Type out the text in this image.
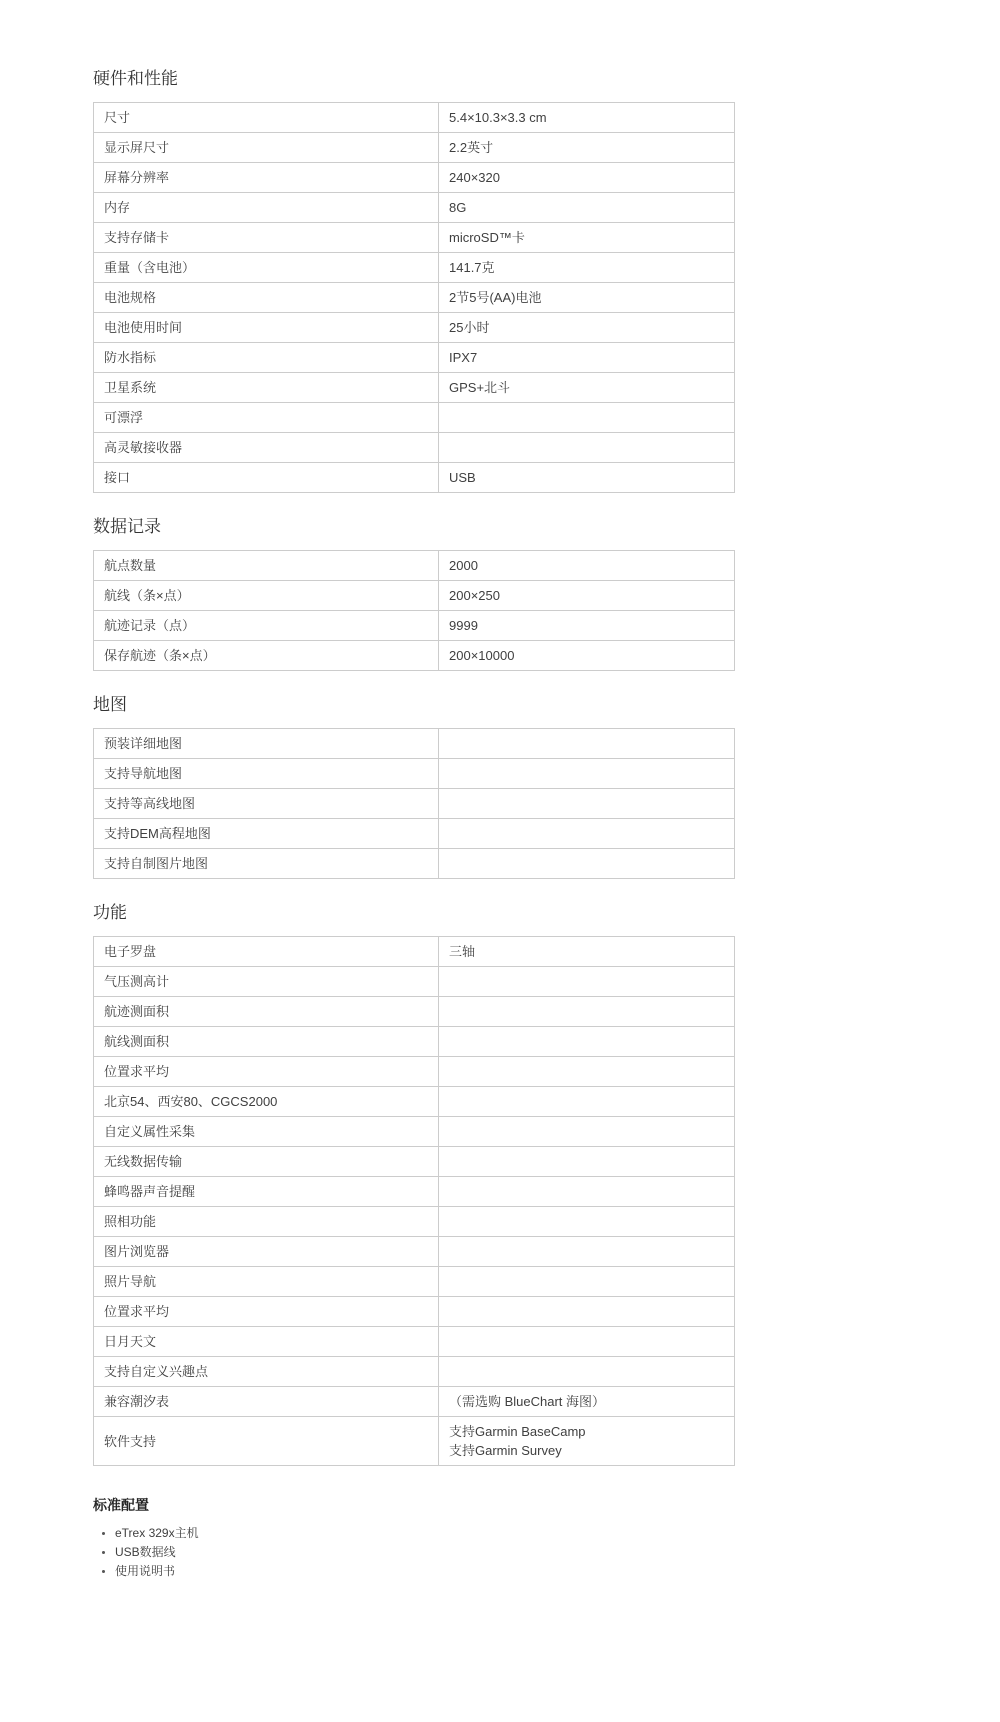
硬件和性能
尺寸	5.4×10.3×3.3 cm
显示屏尺寸	2.2英寸
屏幕分辨率	240×320
内存	8G
支持存储卡	microSD™卡
重量（含电池）	141.7克
电池规格	2节5号(AA)电池
电池使用时间	25小时
防水指标	IPX7
卫星系统	GPS+北斗
可漂浮	
高灵敏接收器	
接口	USB
数据记录
航点数量	2000
航线（条×点）	200×250
航迹记录（点）	9999
保存航迹（条×点）	200×10000
地图
预装详细地图	
支持导航地图	
支持等高线地图	
支持DEM高程地图	
支持自制图片地图	
功能
电子罗盘	三轴
气压测高计	
航迹测面积	
航线测面积	
位置求平均	
北京54、西安80、CGCS2000	
自定义属性采集	
无线数据传输	
蜂鸣器声音提醒	
照相功能	
图片浏览器	
照片导航	
位置求平均	
日月天文	
支持自定义兴趣点	
兼容潮汐表	（需选购 BlueChart 海图）
软件支持	支持Garmin BaseCamp
支持Garmin Survey
标准配置
eTrex 329x主机
USB数据线
使用说明书
